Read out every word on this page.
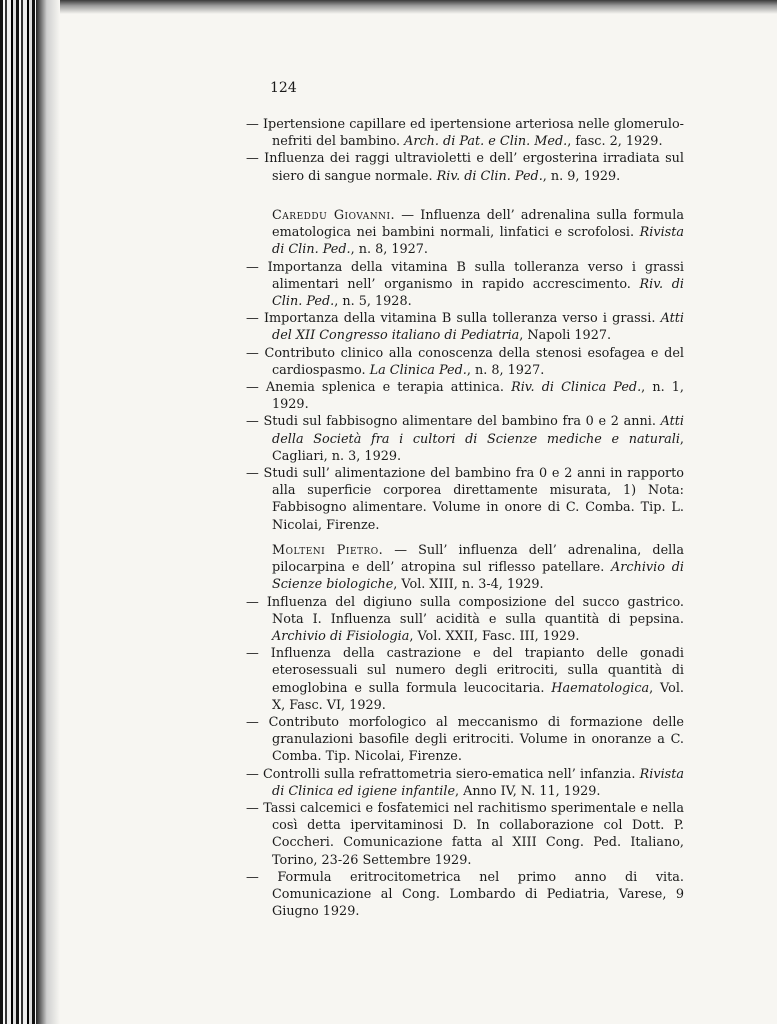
124
— Ipertensione capillare ed ipertensione arteriosa nelle glomerulo-nefriti del bambino. Arch. di Pat. e Clin. Med., fasc. 2, 1929.
— Influenza dei raggi ultravioletti e dell’ ergosterina irradiata sul siero di sangue normale. Riv. di Clin. Ped., n. 9, 1929.
Careddu Giovanni. — Influenza dell’ adrenalina sulla formula ematologica nei bambini normali, linfatici e scrofolosi. Rivista di Clin. Ped., n. 8, 1927.
— Importanza della vitamina B sulla tolleranza verso i grassi alimentari nell’ organismo in rapido accrescimento. Riv. di Clin. Ped., n. 5, 1928.
— Importanza della vitamina B sulla tolleranza verso i grassi. Atti del XII Congresso italiano di Pediatria, Napoli 1927.
— Contributo clinico alla conoscenza della stenosi esofagea e del cardiospasmo. La Clinica Ped., n. 8, 1927.
— Anemia splenica e terapia attinica. Riv. di Clinica Ped., n. 1, 1929.
— Studi sul fabbisogno alimentare del bambino fra 0 e 2 anni. Atti della Società fra i cultori di Scienze mediche e naturali, Cagliari, n. 3, 1929.
— Studi sull’ alimentazione del bambino fra 0 e 2 anni in rapporto alla superficie corporea direttamente misurata, 1) Nota: Fabbisogno alimentare. Volume in onore di C. Comba. Tip. L. Nicolai, Firenze.
Molteni Pietro. — Sull’ influenza dell’ adrenalina, della pilocarpina e dell’ atropina sul riflesso patellare. Archivio di Scienze biologiche, Vol. XIII, n. 3-4, 1929.
— Influenza del digiuno sulla composizione del succo gastrico. Nota I. Influenza sull’ acidità e sulla quantità di pepsina. Archivio di Fisiologia, Vol. XXII, Fasc. III, 1929.
— Influenza della castrazione e del trapianto delle gonadi eterosessuali sul numero degli eritrociti, sulla quantità di emoglobina e sulla formula leucocitaria. Haematologica, Vol. X, Fasc. VI, 1929.
— Contributo morfologico al meccanismo di formazione delle granulazioni basofile degli eritrociti. Volume in onoranze a C. Comba. Tip. Nicolai, Firenze.
— Controlli sulla refrattometria siero-ematica nell’ infanzia. Rivista di Clinica ed igiene infantile, Anno IV, N. 11, 1929.
— Tassi calcemici e fosfatemici nel rachitismo sperimentale e nella così detta ipervitaminosi D. In collaborazione col Dott. P. Coccheri. Comunicazione fatta al XIII Cong. Ped. Italiano, Torino, 23-26 Settembre 1929.
— Formula eritrocitometrica nel primo anno di vita. Comunicazione al Cong. Lombardo di Pediatria, Varese, 9 Giugno 1929.
